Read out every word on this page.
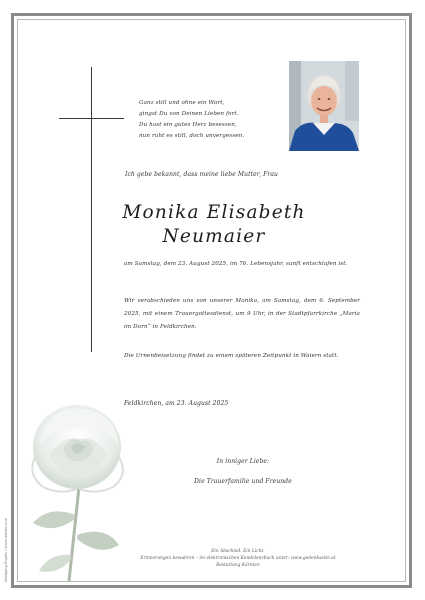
Ganz still und ohne ein Wort,
gingst Du von Deinen Lieben fort.
Du hast ein gutes Herz besessen,
nun ruht es still, doch unvergessen.
Ich gebe bekannt, dass meine liebe Mutter, Frau
Monika Elisabeth
Neumaier
am Samstag, dem 23. August 2025, im 76. Lebensjahr, sanft entschlafen ist.
Wir verabschieden uns von unserer Monika, am Samstag, dem 6. September 2025, mit einem Trauergottesdienst, um 9 Uhr, in der Stadtpfarrkirche „Maria im Dorn“ in Feldkirchen.
Die Urnenbeisetzung findet zu einem späteren Zeitpunkt in Waiern statt.
Feldkirchen, am 23. August 2025
In inniger Liebe:
Die Trauerfamilie und Freunde
Ein Abschied. Ein Licht.
Erinnerungen bewahren – im elektronischen Kondolenzbuch unter: www.gedenkseite.at
Bestattung Kärnten
Wolfgang Engels / stock.adobe.com
